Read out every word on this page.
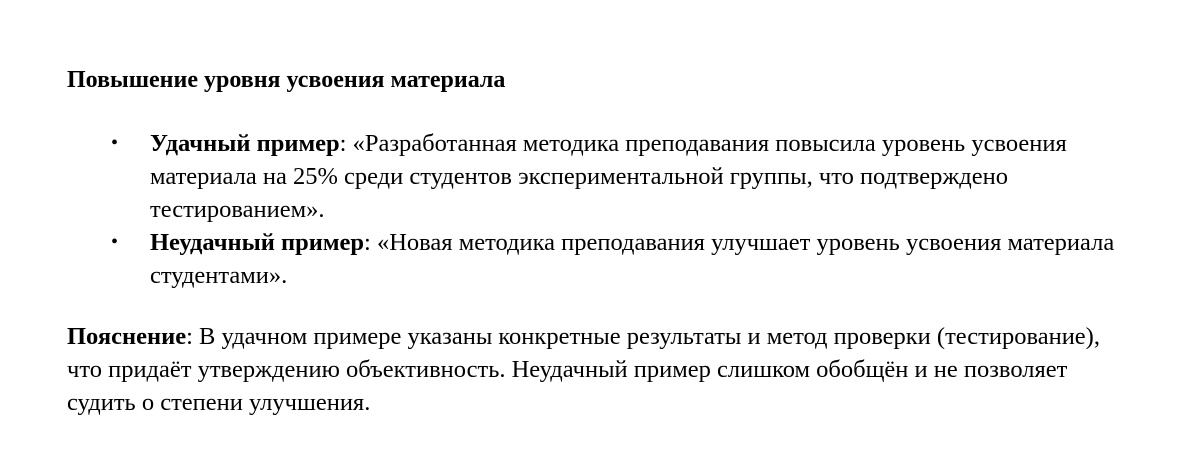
Повышение уровня усвоения материала
• Удачный пример: «Разработанная методика преподавания повысила уровень усвоения материала на 25% среди студентов экспериментальной группы, что подтверждено тестированием».
• Неудачный пример: «Новая методика преподавания улучшает уровень усвоения материала студентами».
Пояснение: В удачном примере указаны конкретные результаты и метод проверки (тестирование), что придаёт утверждению объективность. Неудачный пример слишком обобщён и не позволяет судить о степени улучшения.
